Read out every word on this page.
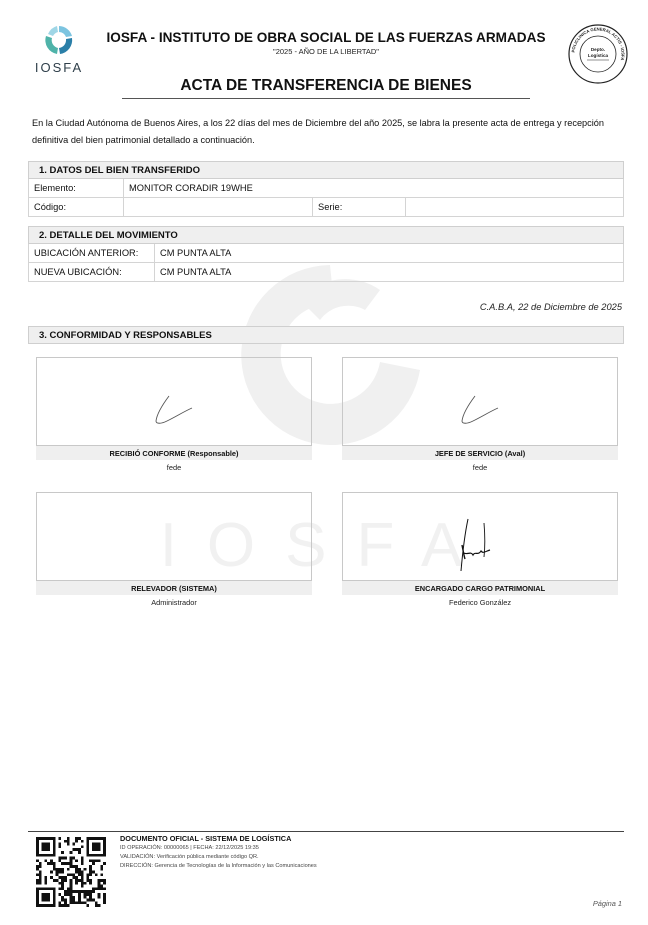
IOSFA
IOSFA
IOSFA - INSTITUTO DE OBRA SOCIAL DE LAS FUERZAS ARMADAS
"2025 - AÑO DE LA LIBERTAD"	POLICLINICA GENERAL ACTIS - IOSFA
Depto.
Logística
ACTA DE TRANSFERENCIA DE BIENES

En la Ciudad Autónoma de Buenos Aires, a los 22 días del mes de Diciembre del año 2025, se labra la presente acta de entrega y recepción definitiva del bien patrimonial detallado a continuación.

1. DATOS DEL BIEN TRANSFERIDO
Elemento:	MONITOR CORADIR 19WHE
Código:	Serie:
2. DETALLE DEL MOVIMIENTO
UBICACIÓN ANTERIOR:	CM PUNTA ALTA
NUEVA UBICACIÓN:	CM PUNTA ALTA
C.A.B.A, 22 de Diciembre de 2025
3. CONFORMIDAD Y RESPONSABLES
RECIBIÓ CONFORME (Responsable)
fede
JEFE DE SERVICIO (Aval)
fede
RELEVADOR (SISTEMA)
Administrador
ENCARGADO CARGO PATRIMONIAL
Federico González
DOCUMENTO OFICIAL - SISTEMA DE LOGÍSTICA
ID OPERACIÓN: 00000065 | FECHA: 22/12/2025 19:35
VALIDACIÓN: Verificación pública mediante código QR.
DIRECCIÓN: Gerencia de Tecnologías de la Información y las Comunicaciones
Página 1
